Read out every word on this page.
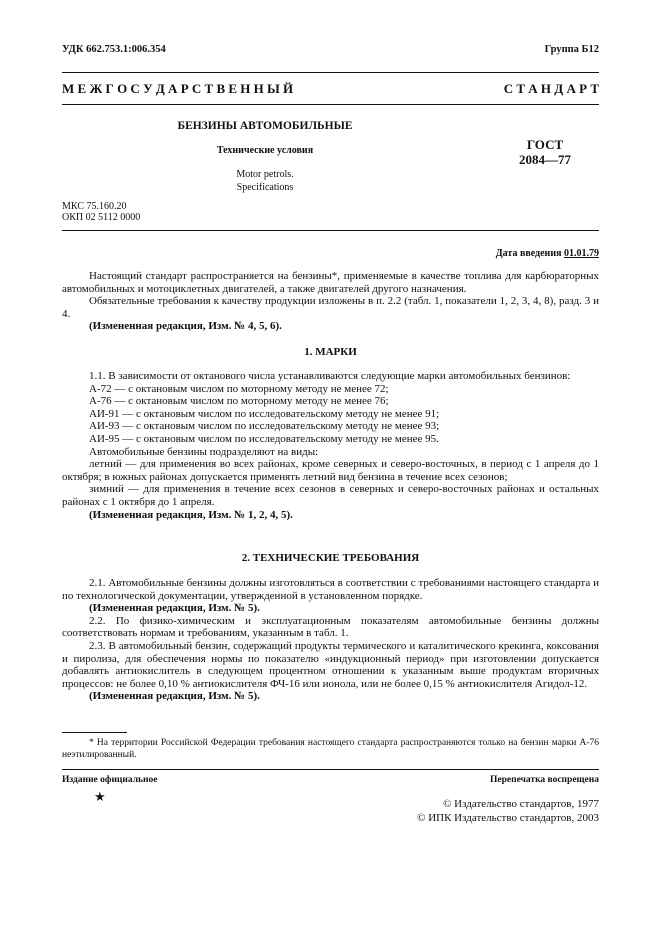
УДК 662.753.1:006.354	Группа Б12
М Е Ж Г О С У Д А Р С Т В Е Н Н Ы Й	С Т А Н Д А Р Т
БЕНЗИНЫ АВТОМОБИЛЬНЫЕ
Технические условия
Motor petrols.
Specifications
ГОСТ
2084—77
МКС 75.160.20
ОКП 02 5112 0000
Дата введения 01.01.79
Настоящий стандарт распространяется на бензины*, применяемые в качестве топлива для карбюраторных автомобильных и мотоциклетных двигателей, а также двигателей другого назначения.
Обязательные требования к качеству продукции изложены в п. 2.2 (табл. 1, показатели 1, 2, 3, 4, 8), разд. 3 и 4.
(Измененная редакция, Изм. № 4, 5, 6).
1. МАРКИ
1.1. В зависимости от октанового числа устанавливаются следующие марки автомобильных бензинов:
А-72 — с октановым числом по моторному методу не менее 72;
А-76 — с октановым числом по моторному методу не менее 76;
АИ-91 — с октановым числом по исследовательскому методу не менее 91;
АИ-93 — с октановым числом по исследовательскому методу не менее 93;
АИ-95 — с октановым числом по исследовательскому методу не менее 95.
Автомобильные бензины подразделяют на виды:
летний — для применения во всех районах, кроме северных и северо-восточных, в период с 1 апреля до 1 октября; в южных районах допускается применять летний вид бензина в течение всех сезонов;
зимний — для применения в течение всех сезонов в северных и северо-восточных районах и остальных районах с 1 октября до 1 апреля.
(Измененная редакция, Изм. № 1, 2, 4, 5).
2. ТЕХНИЧЕСКИЕ ТРЕБОВАНИЯ
2.1. Автомобильные бензины должны изготовляться в соответствии с требованиями настоящего стандарта и по технологической документации, утвержденной в установленном порядке.
(Измененная редакция, Изм. № 5).
2.2. По физико-химическим и эксплуатационным показателям автомобильные бензины должны соответствовать нормам и требованиям, указанным в табл. 1.
2.3. В автомобильный бензин, содержащий продукты термического и каталитического крекинга, коксования и пиролиза, для обеспечения нормы по показателю «индукционный период» при изготовлении допускается добавлять антиокислитель в следующем процентном отношении к указанным выше продуктам вторичных процессов: не более 0,10 % антиокислителя ФЧ-16 или ионола, или не более 0,15 % антиокислителя Агидол-12.
(Измененная редакция, Изм. № 5).
* На территории Российской Федерации требования настоящего стандарта распространяются только на бензин марки А-76 неэтилированный.
Издание официальное	Перепечатка воспрещена
★	© Издательство стандартов, 1977
© ИПК Издательство стандартов, 2003
